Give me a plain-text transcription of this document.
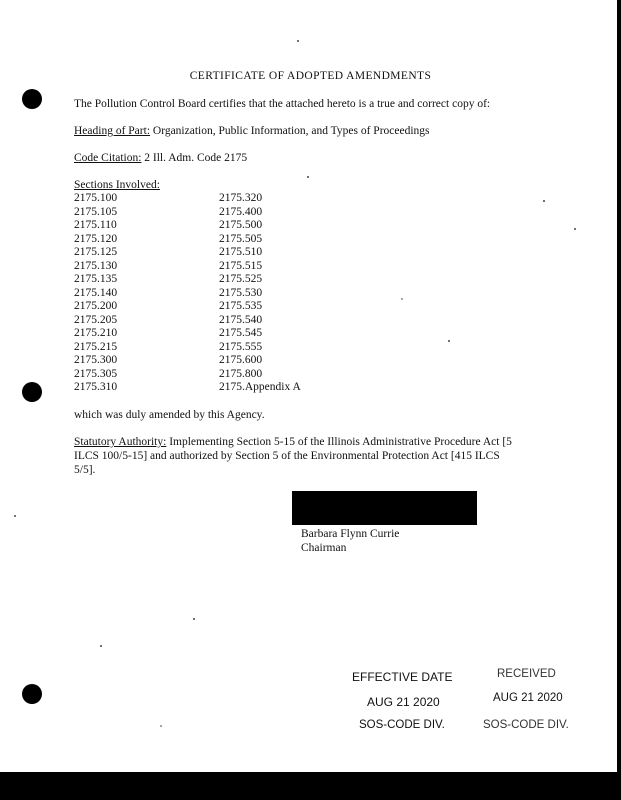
CERTIFICATE OF ADOPTED AMENDMENTS
The Pollution Control Board certifies that the attached hereto is a true and correct copy of:
Heading of Part: Organization, Public Information, and Types of Proceedings
Code Citation: 2 Ill. Adm. Code 2175
Sections Involved:
2175.100
2175.105
2175.110
2175.120
2175.125
2175.130
2175.135
2175.140
2175.200
2175.205
2175.210
2175.215
2175.300
2175.305
2175.310
2175.320
2175.400
2175.500
2175.505
2175.510
2175.515
2175.525
2175.530
2175.535
2175.540
2175.545
2175.555
2175.600
2175.800
2175.Appendix A
which was duly amended by this Agency.
Statutory Authority: Implementing Section 5-15 of the Illinois Administrative Procedure Act [5
ILCS 100/5-15] and authorized by Section 5 of the Environmental Protection Act [415 ILCS
5/5].
Barbara Flynn Currie
Chairman
EFFECTIVE DATE
AUG 21 2020
SOS-CODE DIV.
RECEIVED
AUG 21 2020
SOS-CODE DIV.
